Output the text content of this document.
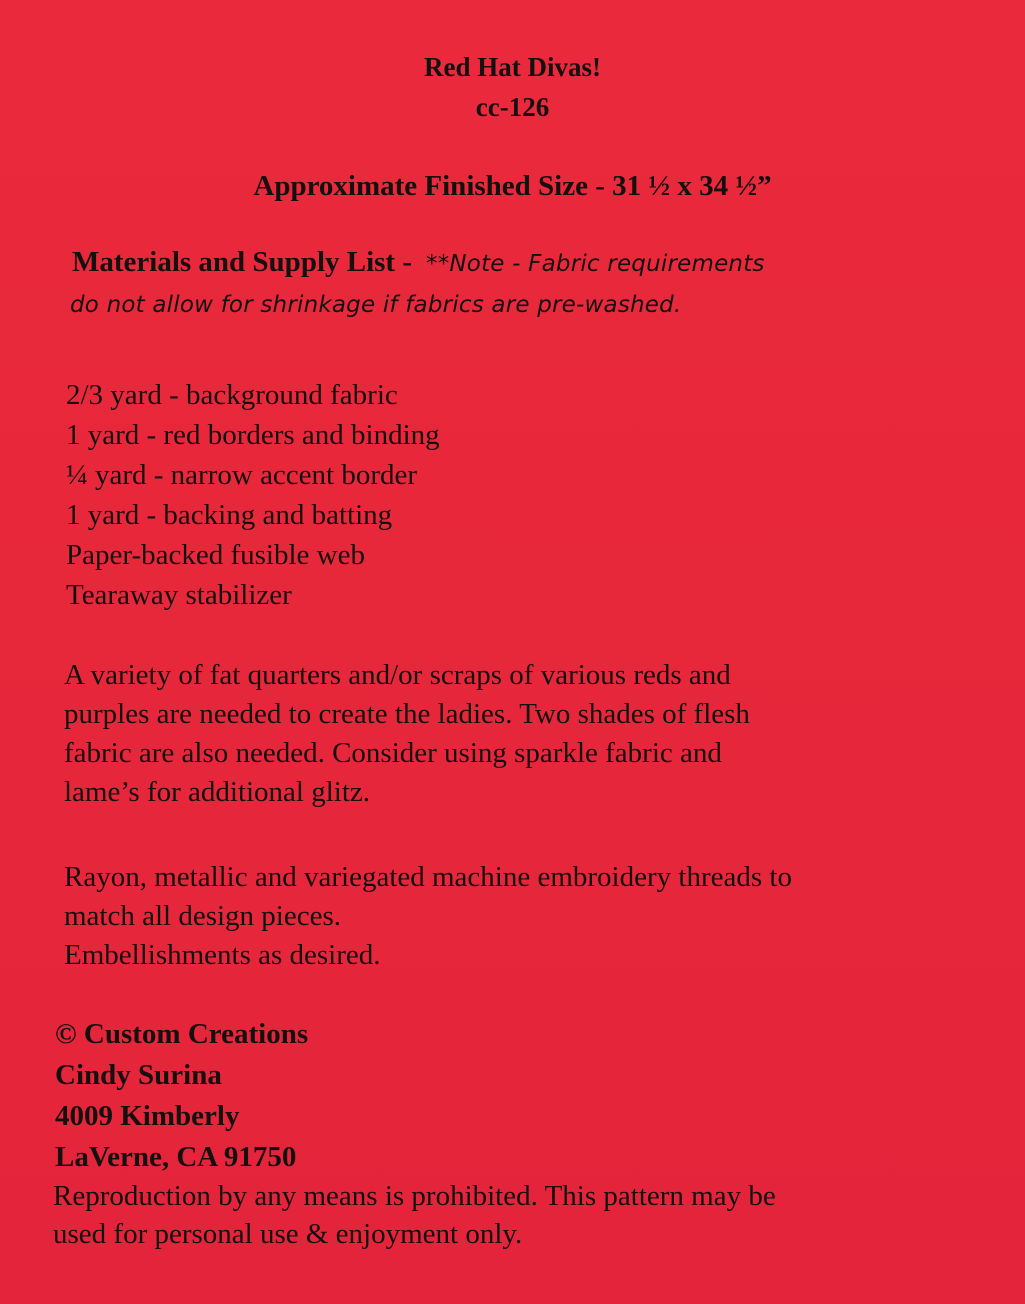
Red Hat Divas!
cc-126
Approximate Finished Size - 31 ½ x 34 ½”
Materials and Supply List - **Note - Fabric requirements
do not allow for shrinkage if fabrics are pre-washed.
2/3 yard - background fabric
1 yard - red borders and binding
¼ yard - narrow accent border
1 yard - backing and batting
Paper-backed fusible web
Tearaway stabilizer

A variety of fat quarters and/or scraps of various reds and
purples are needed to create the ladies. Two shades of flesh
fabric are also needed. Consider using sparkle fabric and
lame’s for additional glitz.

Rayon, metallic and variegated machine embroidery threads to
match all design pieces.
Embellishments as desired.

© Custom Creations
Cindy Surina
4009 Kimberly
LaVerne, CA 91750
Reproduction by any means is prohibited. This pattern may be
used for personal use & enjoyment only.
